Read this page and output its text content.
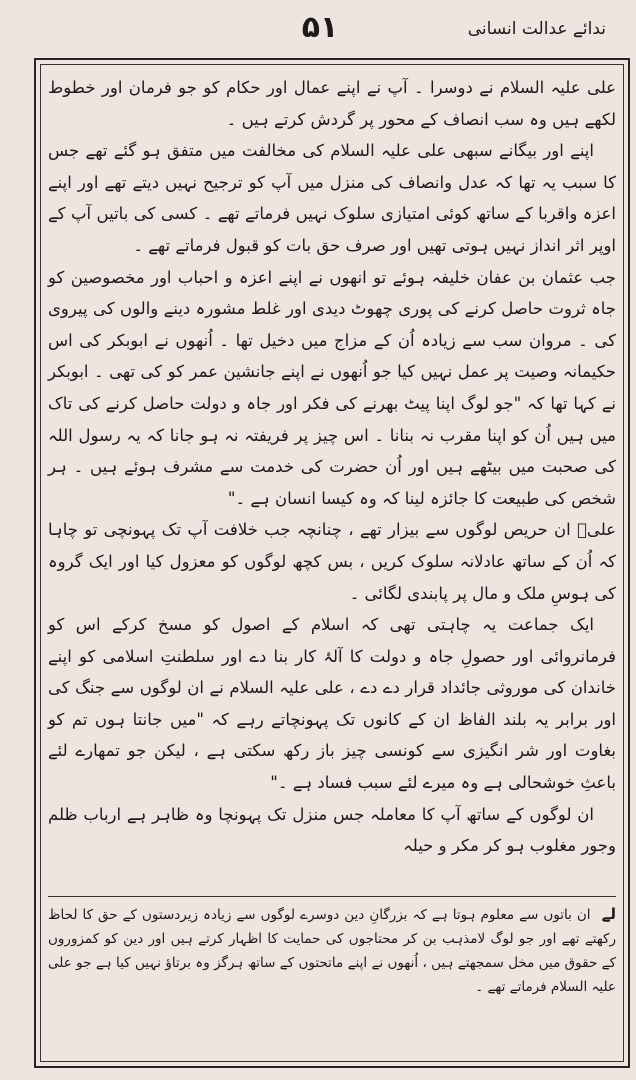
۵۱	ندائے عدالت انسانی

علی علیہ السلام نے دوسرا ۔ آپ نے اپنے عمال اور حکام کو جو فرمان اور خطوط لکھے ہیں وہ سب انصاف کے محور پر گردش کرتے ہیں ۔

اپنے اور بیگانے سبھی علی علیہ السلام کی مخالفت میں متفق ہو گئے تھے جس کا سبب یہ تھا کہ عدل وانصاف کی منزل میں آپ کو ترجیح نہیں دیتے تھے اور اپنے اعزہ واقربا کے ساتھ کوئی امتیازی سلوک نہیں فرماتے تھے ۔ کسی کی باتیں آپ کے اوپر اثر انداز نہیں ہوتی تھیں اور صرف حق بات کو قبول فرماتے تھے ۔

جب عثمان بن عفان خلیفہ ہوئے تو انھوں نے اپنے اعزہ و احباب اور مخصوصین کو جاہ ثروت حاصل کرنے کی پوری چھوٹ دیدی اور غلط مشورہ دینے والوں کی پیروی کی ۔ مروان سب سے زیادہ اُن کے مزاج میں دخیل تھا ۔ اُنھوں نے ابوبکر کی اس حکیمانہ وصیت پر عمل نہیں کیا جو اُنھوں نے اپنے جانشین عمر کو کی تھی ۔ ابوبکر نے کہا تھا کہ "جو لوگ اپنا پیٹ بھرنے کی فکر اور جاہ و دولت حاصل کرنے کی تاک میں ہیں اُن کو اپنا مقرب نہ بنانا ۔ اس چیز پر فریفتہ نہ ہو جانا کہ یہ رسول اللہ کی صحبت میں بیٹھے ہیں اور اُن حضرت کی خدمت سے مشرف ہوئے ہیں ۔ ہر شخص کی طبیعت کا جائزہ لینا کہ وہ کیسا انسان ہے ۔"

علیؑ ان حریص لوگوں سے بیزار تھے ، چنانچہ جب خلافت آپ تک پہونچی تو چاہا کہ اُن کے ساتھ عادلانہ سلوک کریں ، بس کچھ لوگوں کو معزول کیا اور ایک گروہ کی ہوسِ ملک و مال پر پابندی لگائی ۔

ایک جماعت یہ چاہتی تھی کہ اسلام کے اصول کو مسخ کرکے اس کو فرمانروائی اور حصولِ جاہ و دولت کا آلۂ کار بنا دے اور سلطنتِ اسلامی کو اپنے خاندان کی موروثی جائداد قرار دے دے ، علی علیہ السلام نے ان لوگوں سے جنگ کی اور برابر یہ بلند الفاظ ان کے کانوں تک پہونچاتے رہے کہ "میں جانتا ہوں تم کو بغاوت اور شر انگیزی سے کونسی چیز باز رکھ سکتی ہے ، لیکن جو تمھارے لئے باعثِ خوشحالی ہے وہ میرے لئے سبب فساد ہے ۔"

ان لوگوں کے ساتھ آپ کا معاملہ جس منزل تک پہونچا وہ ظاہر ہے ارباب ظلم وجور مغلوب ہو کر مکر و حیلہ

لے ان باتوں سے معلوم ہوتا ہے کہ بزرگانِ دین دوسرے لوگوں سے زیادہ زیردستوں کے حق کا لحاظ رکھتے تھے اور جو لوگ لامذہب بن کر محتاجوں کی حمایت کا اظہار کرتے ہیں اور دین کو کمزوروں کے حقوق میں مخل سمجھتے ہیں ، اُنھوں نے اپنے ماتحتوں کے ساتھ ہرگز وہ برتاؤ نہیں کیا ہے جو علی علیہ السلام فرماتے تھے ۔
